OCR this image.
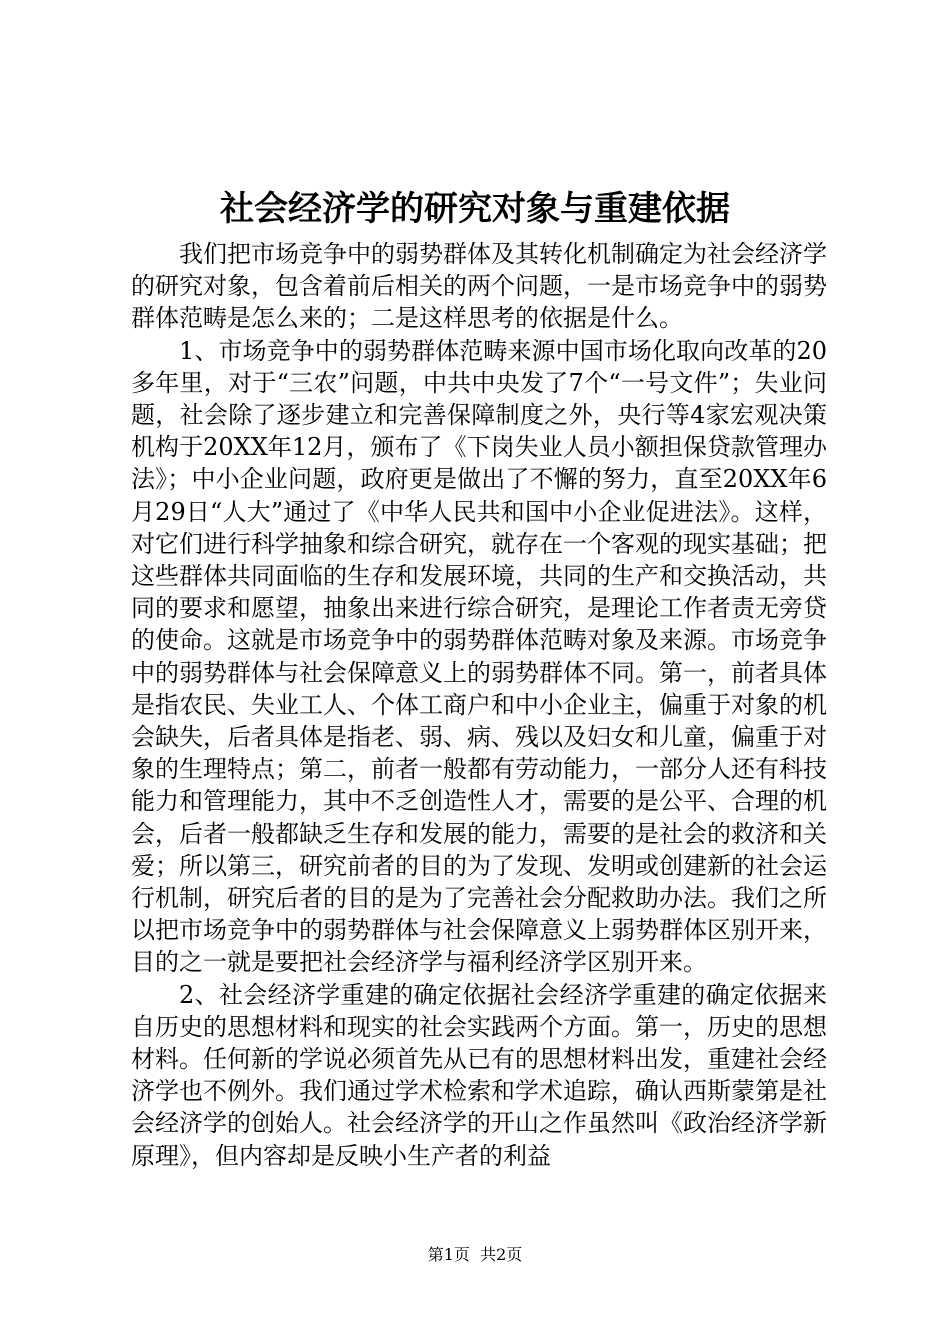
社会经济学的研究对象与重建依据

我们把市场竞争中的弱势群体及其转化机制确定为社会经济学的研究对象，包含着前后相关的两个问题，一是市场竞争中的弱势群体范畴是怎么来的；二是这样思考的依据是什么。

1、市场竞争中的弱势群体范畴来源中国市场化取向改革的20多年里，对于“三农”问题，中共中央发了7个“一号文件”；失业问题，社会除了逐步建立和完善保障制度之外，央行等4家宏观决策机构于20XX年12月，颁布了《下岗失业人员小额担保贷款管理办法》；中小企业问题，政府更是做出了不懈的努力，直至20XX年6月29日“人大”通过了《中华人民共和国中小企业促进法》。这样，对它们进行科学抽象和综合研究，就存在一个客观的现实基础；把这些群体共同面临的生存和发展环境，共同的生产和交换活动，共同的要求和愿望，抽象出来进行综合研究，是理论工作者责无旁贷的使命。这就是市场竞争中的弱势群体范畴对象及来源。市场竞争中的弱势群体与社会保障意义上的弱势群体不同。第一，前者具体是指农民、失业工人、个体工商户和中小企业主，偏重于对象的机会缺失，后者具体是指老、弱、病、残以及妇女和儿童，偏重于对象的生理特点；第二，前者一般都有劳动能力，一部分人还有科技能力和管理能力，其中不乏创造性人才，需要的是公平、合理的机会，后者一般都缺乏生存和发展的能力，需要的是社会的救济和关爱；所以第三，研究前者的目的为了发现、发明或创建新的社会运行机制，研究后者的目的是为了完善社会分配救助办法。我们之所以把市场竞争中的弱势群体与社会保障意义上弱势群体区别开来，目的之一就是要把社会经济学与福利经济学区别开来。

2、社会经济学重建的确定依据社会经济学重建的确定依据来自历史的思想材料和现实的社会实践两个方面。第一，历史的思想材料。任何新的学说必须首先从已有的思想材料出发，重建社会经济学也不例外。我们通过学术检索和学术追踪，确认西斯蒙第是社会经济学的创始人。社会经济学的开山之作虽然叫《政治经济学新原理》，但内容却是反映小生产者的利益

第1页 共2页
